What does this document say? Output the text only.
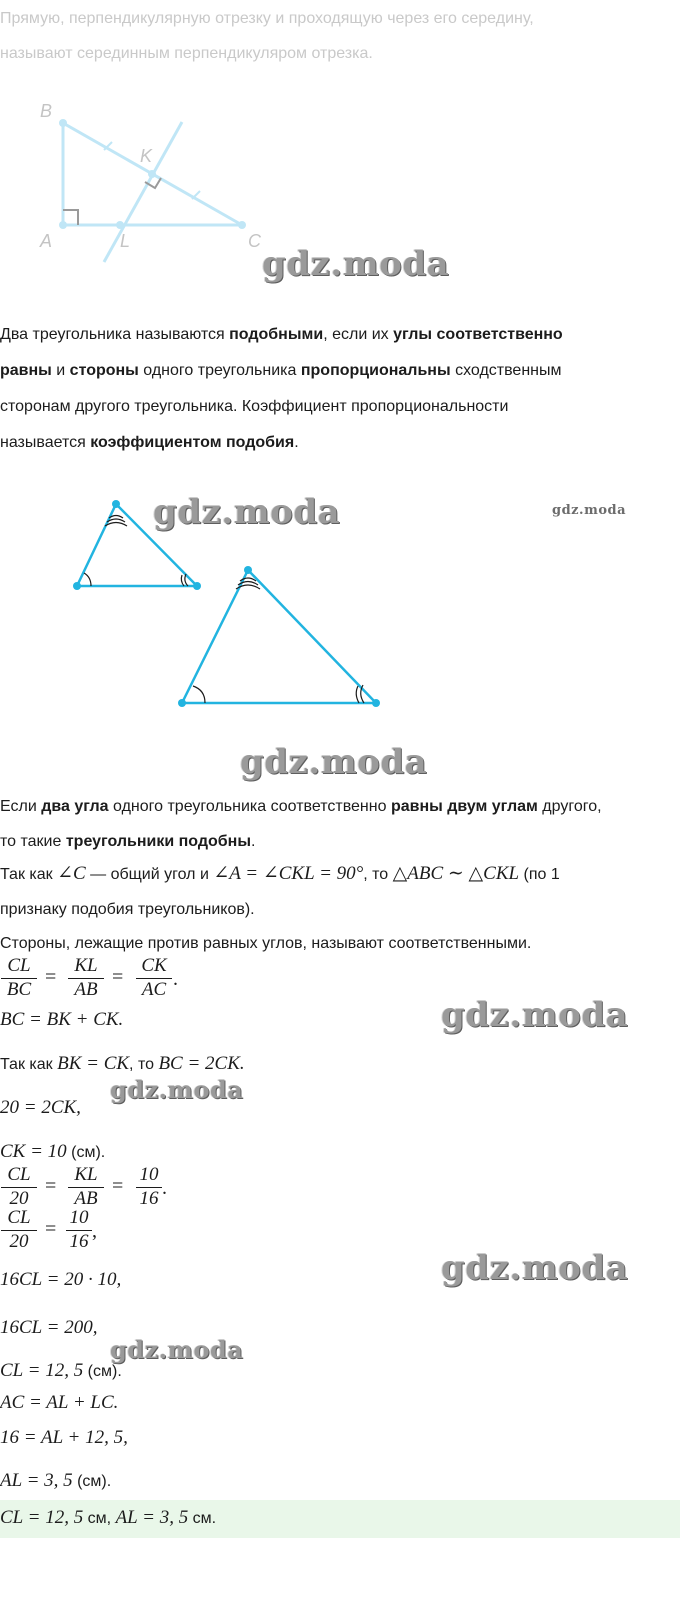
Прямую, перпендикулярную отрезку и проходящую через его середину,
называют серединным перпендикуляром отрезка.
B
K
A	L	C
gdz.moda
Два треугольника называются подобными, если их углы соответственно
равны и стороны одного треугольника пропорциональны сходственным
сторонам другого треугольника. Коэффициент пропорциональности
называется коэффициентом подобия.
gdz.moda	gdz.moda
gdz.moda
Если два угла одного треугольника соответственно равны двум углам другого,
то такие треугольники подобны.
Так как ∠C — общий угол и ∠A = ∠CKL = 90°, то △ABC ∼ △CKL (по 1
признаку подобия треугольников).
Стороны, лежащие против равных углов, называют соответственными.
CL
BC
=
KL
AB
=
CK
AC .
BC = BK + CK.	gdz.moda
Так как BK = CK, то BC = 2CK.
gdz.moda
20 = 2CK,
CK = 10 (см).
CL
20
=
KL
AB
=
10
16 .
CL
20
=
10
16 ,
gdz.moda
16CL = 20 · 10,
16CL = 200,
gdz.moda
CL = 12, 5 (см).
AC = AL + LC.
16 = AL + 12, 5,
AL = 3, 5 (см).
CL = 12, 5 см, AL = 3, 5 см.
